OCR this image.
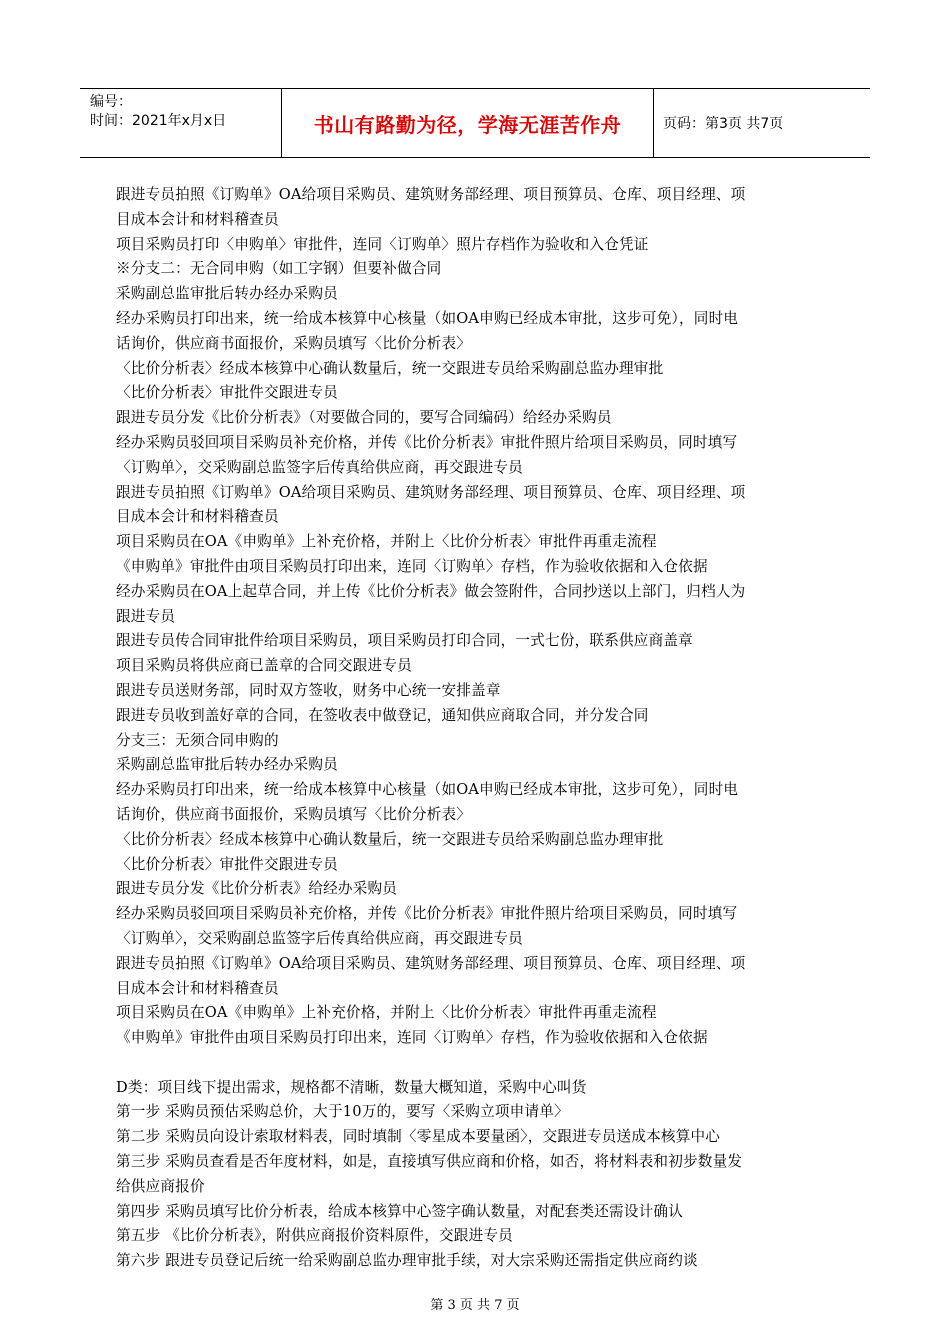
编号：
时间：2021年x月x日	书山有路勤为径，学海无涯苦作舟	页码：第3页 共7页

跟进专员拍照《订购单》OA给项目采购员、建筑财务部经理、项目预算员、仓库、项目经理、项

目成本会计和材料稽查员

项目采购员打印〈申购单〉审批件，连同〈订购单〉照片存档作为验收和入仓凭证

※分支二：无合同申购（如工字钢）但要补做合同

采购副总监审批后转办经办采购员

经办采购员打印出来，统一给成本核算中心核量（如OA申购已经成本审批，这步可免），同时电

话询价，供应商书面报价，采购员填写〈比价分析表〉

〈比价分析表〉经成本核算中心确认数量后，统一交跟进专员给采购副总监办理审批

〈比价分析表〉审批件交跟进专员

跟进专员分发《比价分析表》（对要做合同的，要写合同编码）给经办采购员

经办采购员驳回项目采购员补充价格，并传《比价分析表》审批件照片给项目采购员，同时填写

〈订购单〉，交采购副总监签字后传真给供应商，再交跟进专员

跟进专员拍照《订购单》OA给项目采购员、建筑财务部经理、项目预算员、仓库、项目经理、项

目成本会计和材料稽查员

项目采购员在OA《申购单》上补充价格，并附上〈比价分析表〉审批件再重走流程

《申购单》审批件由项目采购员打印出来，连同〈订购单〉存档，作为验收依据和入仓依据

经办采购员在OA上起草合同，并上传《比价分析表》做会签附件，合同抄送以上部门，归档人为

跟进专员

跟进专员传合同审批件给项目采购员，项目采购员打印合同，一式七份，联系供应商盖章

项目采购员将供应商已盖章的合同交跟进专员

跟进专员送财务部，同时双方签收，财务中心统一安排盖章

跟进专员收到盖好章的合同，在签收表中做登记，通知供应商取合同，并分发合同

分支三：无须合同申购的

采购副总监审批后转办经办采购员

经办采购员打印出来，统一给成本核算中心核量（如OA申购已经成本审批，这步可免），同时电

话询价，供应商书面报价，采购员填写〈比价分析表〉

〈比价分析表〉经成本核算中心确认数量后，统一交跟进专员给采购副总监办理审批

〈比价分析表〉审批件交跟进专员

跟进专员分发《比价分析表》给经办采购员

经办采购员驳回项目采购员补充价格，并传《比价分析表》审批件照片给项目采购员，同时填写

〈订购单〉，交采购副总监签字后传真给供应商，再交跟进专员

跟进专员拍照《订购单》OA给项目采购员、建筑财务部经理、项目预算员、仓库、项目经理、项

目成本会计和材料稽查员

项目采购员在OA《申购单》上补充价格，并附上〈比价分析表〉审批件再重走流程

《申购单》审批件由项目采购员打印出来，连同〈订购单〉存档，作为验收依据和入仓依据

D类：项目线下提出需求，规格都不清晰，数量大概知道，采购中心叫货

第一步 采购员预估采购总价，大于10万的，要写〈采购立项申请单〉

第二步 采购员向设计索取材料表，同时填制〈零星成本要量函〉，交跟进专员送成本核算中心

第三步 采购员查看是否年度材料，如是，直接填写供应商和价格，如否，将材料表和初步数量发

给供应商报价

第四步 采购员填写比价分析表，给成本核算中心签字确认数量，对配套类还需设计确认

第五步 《比价分析表》，附供应商报价资料原件，交跟进专员

第六步 跟进专员登记后统一给采购副总监办理审批手续，对大宗采购还需指定供应商约谈

第 3 页 共 7 页
